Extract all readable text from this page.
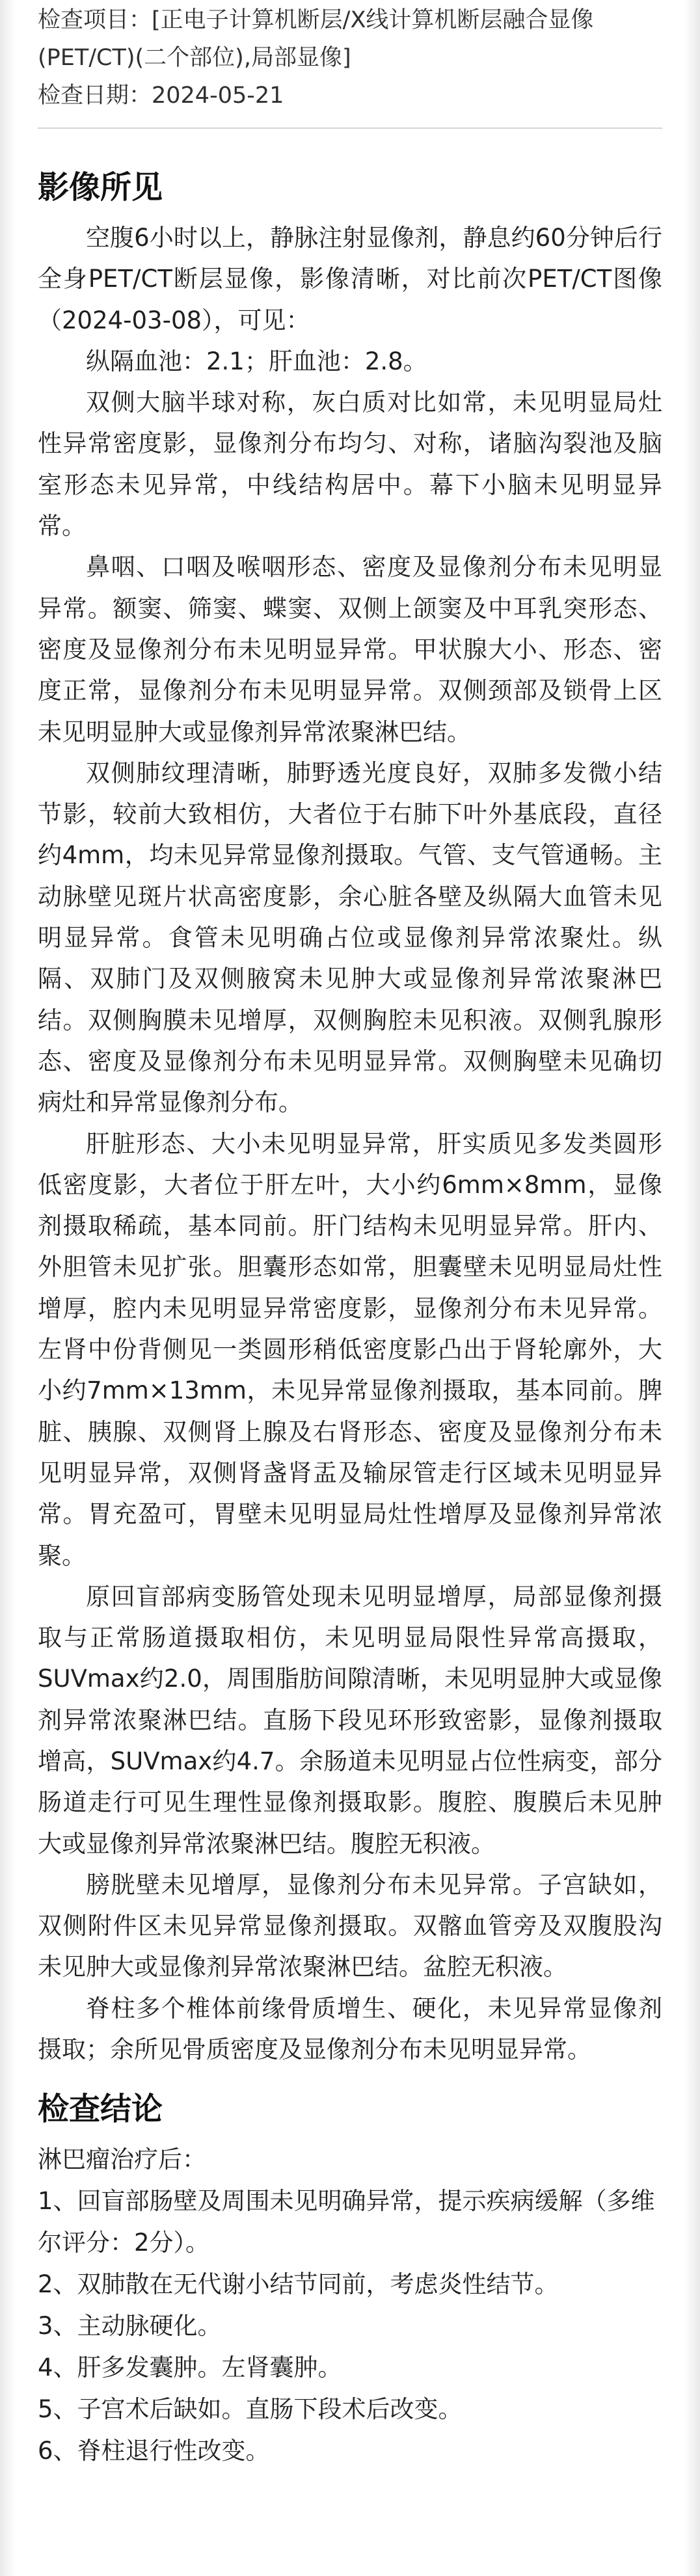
检查项目：[正电子计算机断层/X线计算机断层融合显像
(PET/CT)(二个部位),局部显像]
检查日期：2024-05-21
影像所见

空腹6小时以上，静脉注射显像剂，静息约60分钟后行全身PET/CT断层显像，影像清晰，对比前次PET/CT图像（2024-03-08），可见：

纵隔血池：2.1；肝血池：2.8。

双侧大脑半球对称，灰白质对比如常，未见明显局灶性异常密度影，显像剂分布均匀、对称，诸脑沟裂池及脑室形态未见异常，中线结构居中。幕下小脑未见明显异常。

鼻咽、口咽及喉咽形态、密度及显像剂分布未见明显异常。额窦、筛窦、蝶窦、双侧上颌窦及中耳乳突形态、密度及显像剂分布未见明显异常。甲状腺大小、形态、密度正常，显像剂分布未见明显异常。双侧颈部及锁骨上区未见明显肿大或显像剂异常浓聚淋巴结。

双侧肺纹理清晰，肺野透光度良好，双肺多发微小结节影，较前大致相仿，大者位于右肺下叶外基底段，直径约4mm，均未见异常显像剂摄取。气管、支气管通畅。主动脉壁见斑片状高密度影，余心脏各壁及纵隔大血管未见明显异常。食管未见明确占位或显像剂异常浓聚灶。纵隔、双肺门及双侧腋窝未见肿大或显像剂异常浓聚淋巴结。双侧胸膜未见增厚，双侧胸腔未见积液。双侧乳腺形态、密度及显像剂分布未见明显异常。双侧胸壁未见确切病灶和异常显像剂分布。

肝脏形态、大小未见明显异常，肝实质见多发类圆形低密度影，大者位于肝左叶，大小约6mm×8mm，显像剂摄取稀疏，基本同前。肝门结构未见明显异常。肝内、外胆管未见扩张。胆囊形态如常，胆囊壁未见明显局灶性增厚，腔内未见明显异常密度影，显像剂分布未见异常。左肾中份背侧见一类圆形稍低密度影凸出于肾轮廓外，大小约7mm×13mm，未见异常显像剂摄取，基本同前。脾脏、胰腺、双侧肾上腺及右肾形态、密度及显像剂分布未见明显异常，双侧肾盏肾盂及输尿管走行区域未见明显异常。胃充盈可，胃壁未见明显局灶性增厚及显像剂异常浓聚。

原回盲部病变肠管处现未见明显增厚，局部显像剂摄取与正常肠道摄取相仿，未见明显局限性异常高摄取，SUVmax约2.0，周围脂肪间隙清晰，未见明显肿大或显像剂异常浓聚淋巴结。直肠下段见环形致密影，显像剂摄取增高，SUVmax约4.7。余肠道未见明显占位性病变，部分肠道走行可见生理性显像剂摄取影。腹腔、腹膜后未见肿大或显像剂异常浓聚淋巴结。腹腔无积液。

膀胱壁未见增厚，显像剂分布未见异常。子宫缺如，双侧附件区未见异常显像剂摄取。双髂血管旁及双腹股沟未见肿大或显像剂异常浓聚淋巴结。盆腔无积液。

脊柱多个椎体前缘骨质增生、硬化，未见异常显像剂摄取；余所见骨质密度及显像剂分布未见明显异常。

检查结论

淋巴瘤治疗后：

1、回盲部肠壁及周围未见明确异常，提示疾病缓解（多维尔评分：2分）。

2、双肺散在无代谢小结节同前，考虑炎性结节。

3、主动脉硬化。

4、肝多发囊肿。左肾囊肿。

5、子宫术后缺如。直肠下段术后改变。

6、脊柱退行性改变。
